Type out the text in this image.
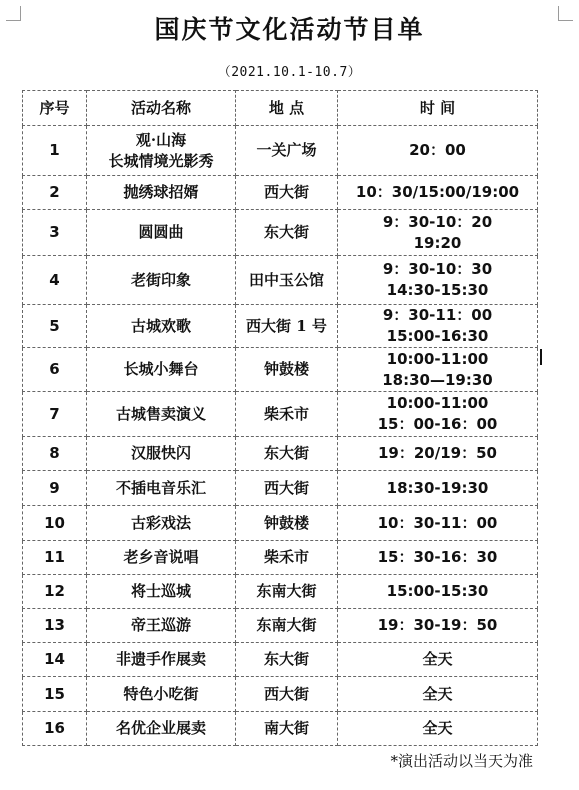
国庆节文化活动节目单
（2021.10.1-10.7）
序号	活动名称	地 点	时 间
1	观·山海
长城情境光影秀	一关广场	20：00

2	抛绣球招婿	西大街	10：30/15:00/19:00

3	圆圆曲	东大街	9：30-10：20
19:20

4	老街印象	田中玉公馆	9：30-10：30
14:30-15:30

5	古城欢歌	西大街 1 号	9：30-11：00
15:00-16:30

6	长城小舞台	钟鼓楼	10:00-11:00
18:30—19:30

7	古城售卖演义	柴禾市	10:00-11:00
15：00-16：00

8	汉服快闪	东大街	19：20/19：50

9	不插电音乐汇	西大街	18:30-19:30

10	古彩戏法	钟鼓楼	10：30-11：00

11	老乡音说唱	柴禾市	15：30-16：30

12	将士巡城	东南大街	15:00-15:30

13	帝王巡游	东南大街	19：30-19：50

14	非遗手作展卖	东大街	全天

15	特色小吃街	西大街	全天

16	名优企业展卖	南大街	全天
*演出活动以当天为准
